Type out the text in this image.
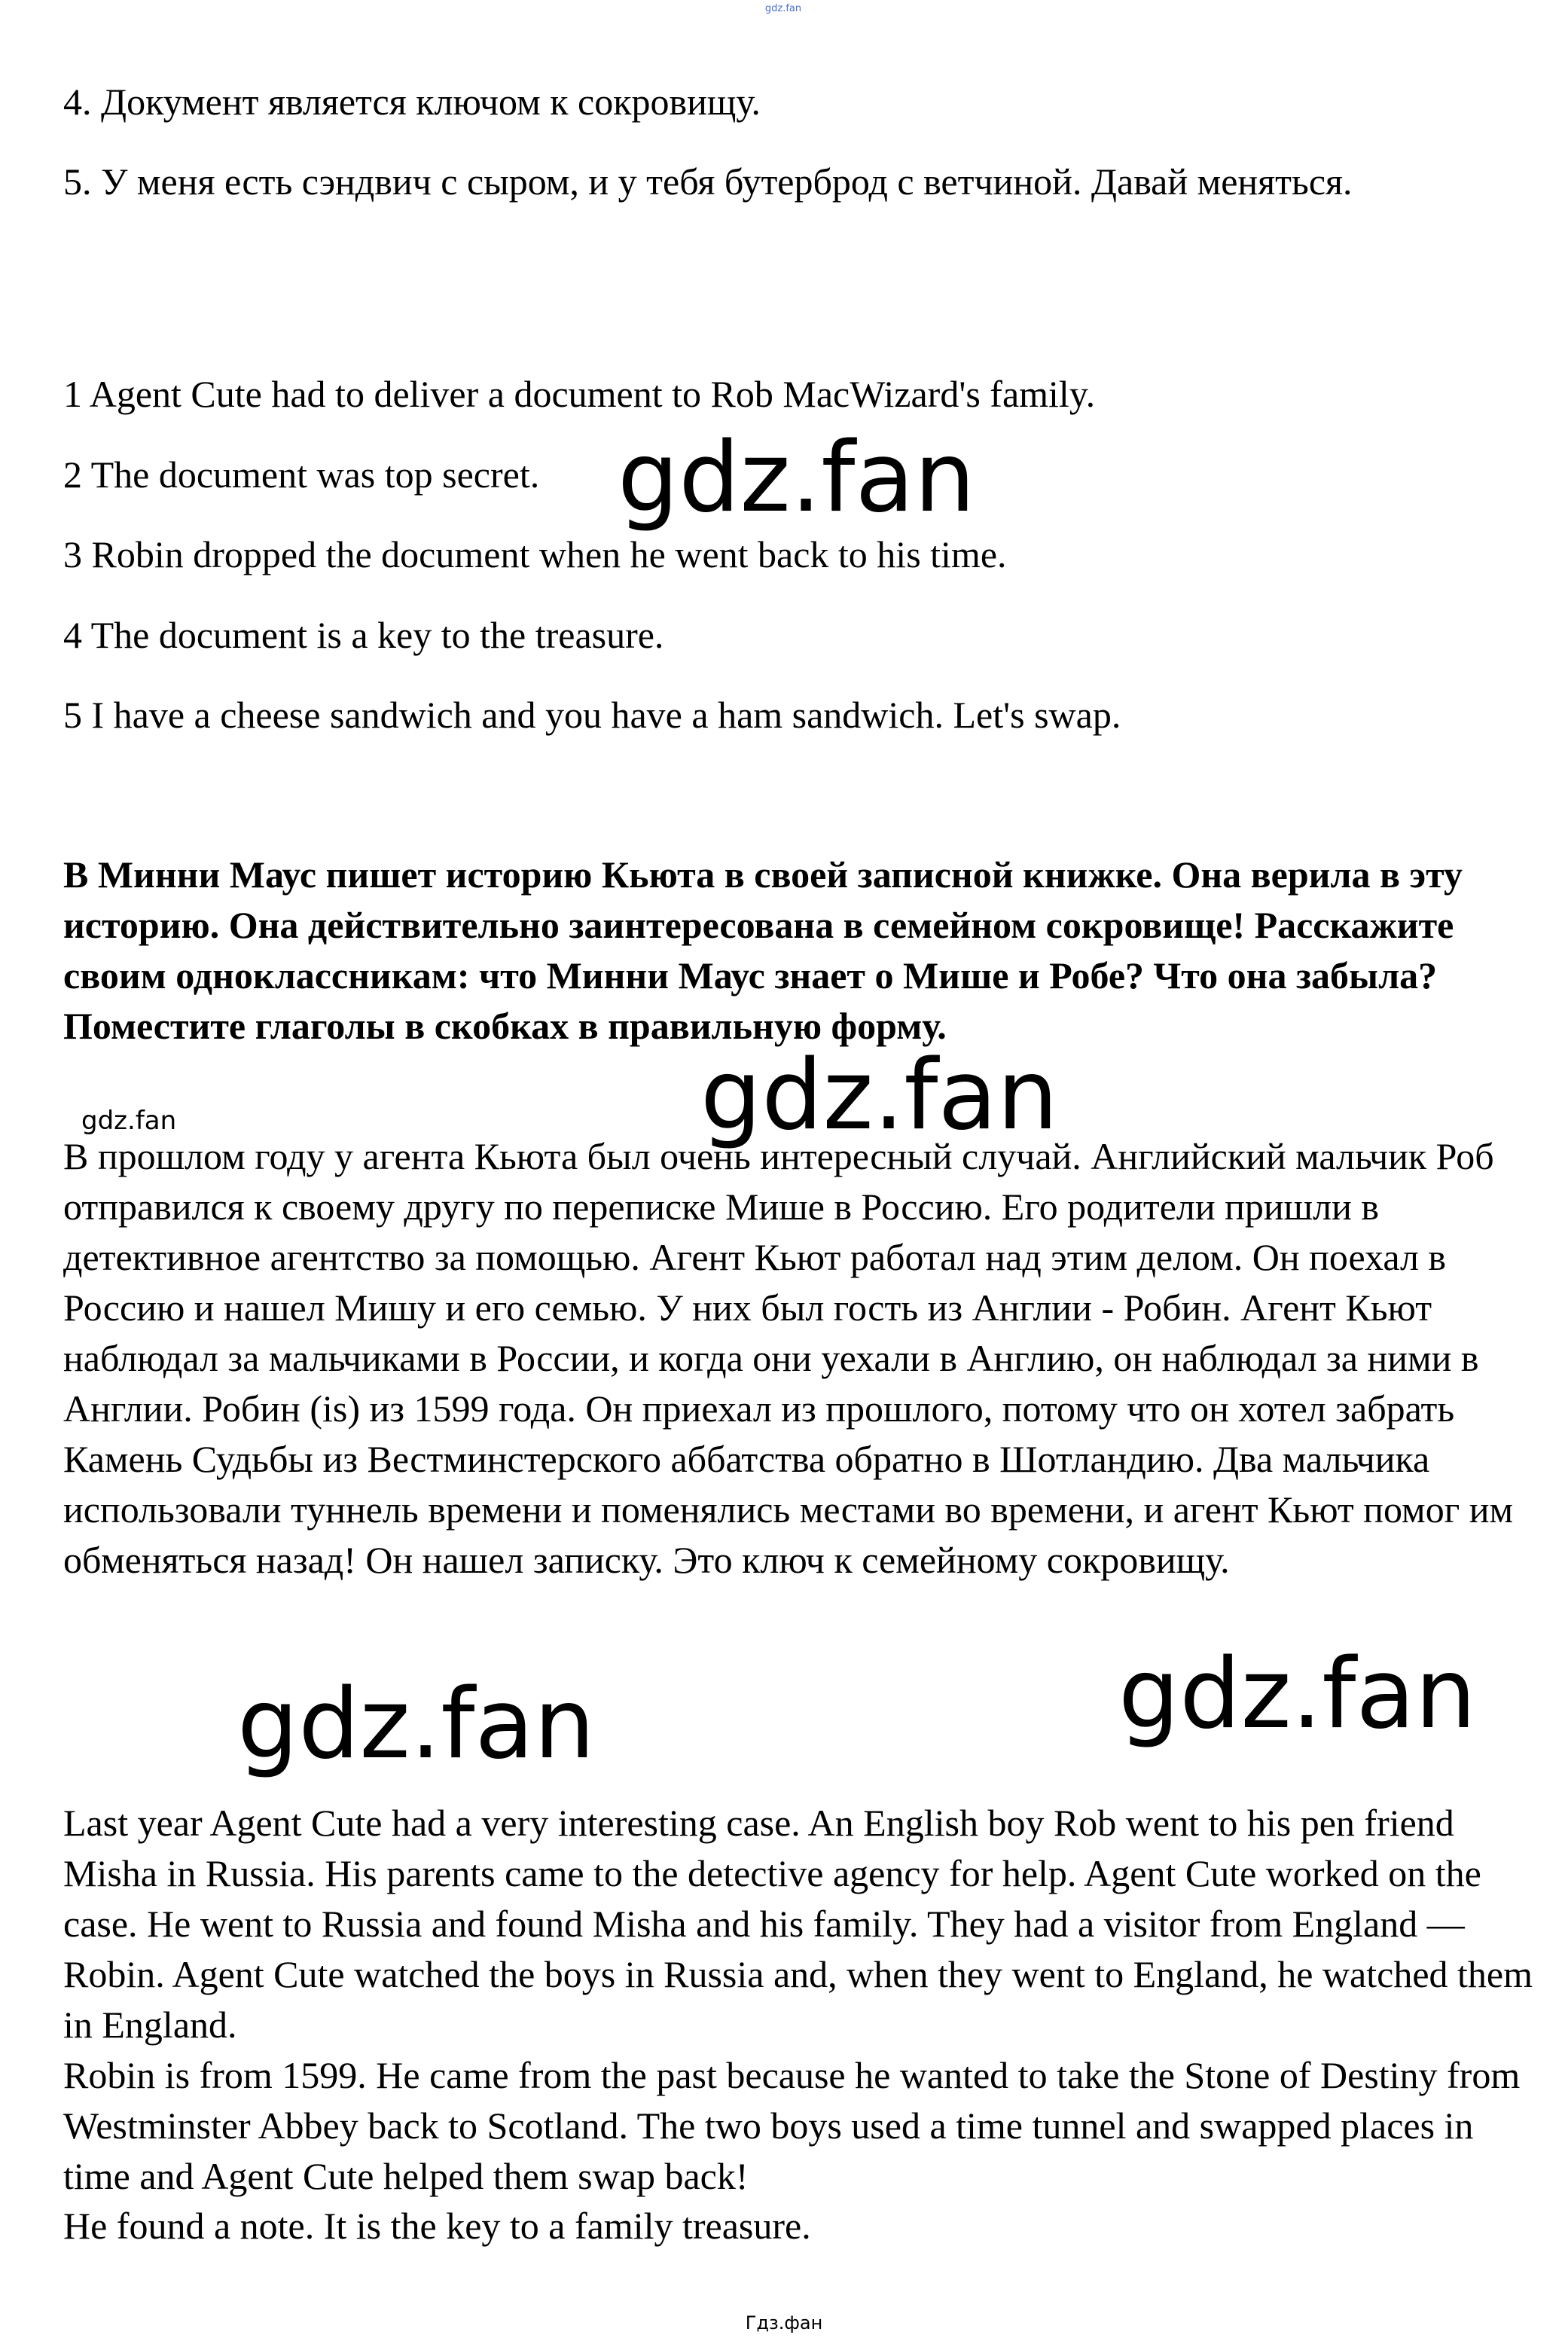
gdz.fan

4. Документ является ключом к сокровищу.

5. У меня есть сэндвич с сыром, и у тебя бутерброд с ветчиной. Давай меняться.

1 Agent Cute had to deliver a document to Rob MacWizard's family.

2 The document was top secret.

3 Robin dropped the document when he went back to his time.

4 The document is a key to the treasure.

5 I have a cheese sandwich and you have a ham sandwich. Let's swap.

В Минни Маус пишет историю Кьюта в своей записной книжке. Она верила в эту историю. Она действительно заинтересована в семейном сокровище! Расскажите своим одноклассникам: что Минни Маус знает о Мише и Робе? Что она забыла? Поместите глаголы в скобках в правильную форму.

В прошлом году у агента Кьюта был очень интересный случай. Английский мальчик Роб отправился к своему другу по переписке Мише в Россию. Его родители пришли в детективное агентство за помощью. Агент Кьют работал над этим делом. Он поехал в Россию и нашел Мишу и его семью. У них был гость из Англии - Робин. Агент Кьют наблюдал за мальчиками в России, и когда они уехали в Англию, он наблюдал за ними в Англии. Робин (is) из 1599 года. Он приехал из прошлого, потому что он хотел забрать Камень Судьбы из Вестминстерского аббатства обратно в Шотландию. Два мальчика использовали туннель времени и поменялись местами во времени, и агент Кьют помог им обменяться назад! Он нашел записку. Это ключ к семейному сокровищу.

Last year Agent Cute had a very interesting case. An English boy Rob went to his pen friend Misha in Russia. His parents came to the detective agency for help. Agent Cute worked on the case. He went to Russia and found Misha and his family. They had a visitor from England — Robin. Agent Cute watched the boys in Russia and, when they went to England, he watched them in England.

Robin is from 1599. He came from the past because he wanted to take the Stone of Destiny from Westminster Abbey back to Scotland. The two boys used a time tunnel and swapped places in time and Agent Cute helped them swap back!

He found a note. It is the key to a family treasure.

gdz.fan
gdz.fan
gdz.fan	gdz.fan
gdz.fan
Гдз.фан
